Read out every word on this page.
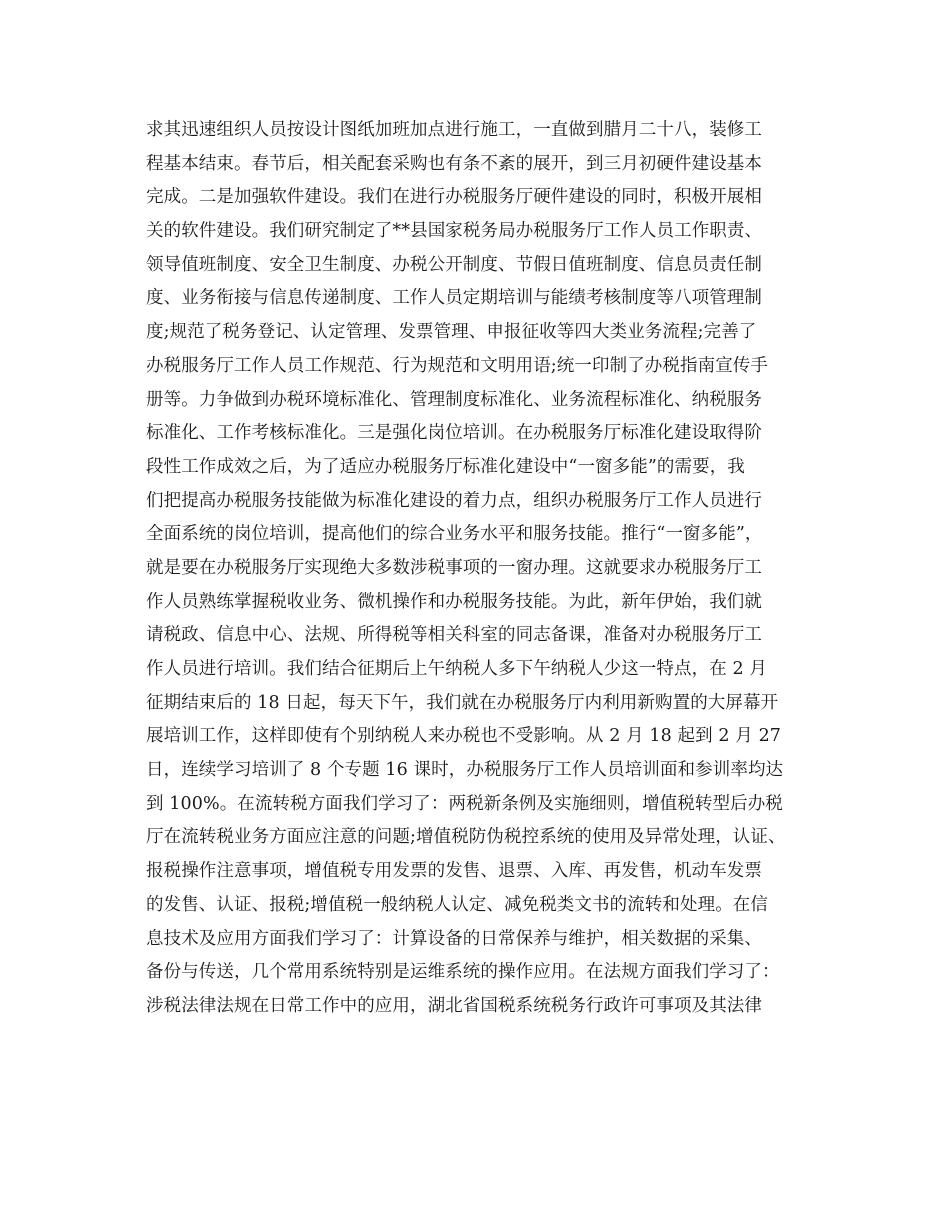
求其迅速组织人员按设计图纸加班加点进行施工，一直做到腊月二十八，装修工
程基本结束。春节后，相关配套采购也有条不紊的展开，到三月初硬件建设基本
完成。二是加强软件建设。我们在进行办税服务厅硬件建设的同时，积极开展相
关的软件建设。我们研究制定了**县国家税务局办税服务厅工作人员工作职责、
领导值班制度、安全卫生制度、办税公开制度、节假日值班制度、信息员责任制
度、业务衔接与信息传递制度、工作人员定期培训与能绩考核制度等八项管理制
度;规范了税务登记、认定管理、发票管理、申报征收等四大类业务流程;完善了
办税服务厅工作人员工作规范、行为规范和文明用语;统一印制了办税指南宣传手
册等。力争做到办税环境标准化、管理制度标准化、业务流程标准化、纳税服务
标准化、工作考核标准化。三是强化岗位培训。在办税服务厅标准化建设取得阶
段性工作成效之后，为了适应办税服务厅标准化建设中“一窗多能”的需要，我
们把提高办税服务技能做为标准化建设的着力点，组织办税服务厅工作人员进行
全面系统的岗位培训，提高他们的综合业务水平和服务技能。推行“一窗多能”，
就是要在办税服务厅实现绝大多数涉税事项的一窗办理。这就要求办税服务厅工
作人员熟练掌握税收业务、微机操作和办税服务技能。为此，新年伊始，我们就
请税政、信息中心、法规、所得税等相关科室的同志备课，准备对办税服务厅工
作人员进行培训。我们结合征期后上午纳税人多下午纳税人少这一特点，在 2 月
征期结束后的 18 日起，每天下午，我们就在办税服务厅内利用新购置的大屏幕开
展培训工作，这样即使有个别纳税人来办税也不受影响。从 2 月 18 起到 2 月 27
日，连续学习培训了 8 个专题 16 课时，办税服务厅工作人员培训面和参训率均达
到 100%。在流转税方面我们学习了：两税新条例及实施细则，增值税转型后办税
厅在流转税业务方面应注意的问题;增值税防伪税控系统的使用及异常处理，认证、
报税操作注意事项，增值税专用发票的发售、退票、入库、再发售，机动车发票
的发售、认证、报税;增值税一般纳税人认定、减免税类文书的流转和处理。在信
息技术及应用方面我们学习了：计算设备的日常保养与维护，相关数据的采集、
备份与传送，几个常用系统特别是运维系统的操作应用。在法规方面我们学习了：
涉税法律法规在日常工作中的应用，湖北省国税系统税务行政许可事项及其法律
